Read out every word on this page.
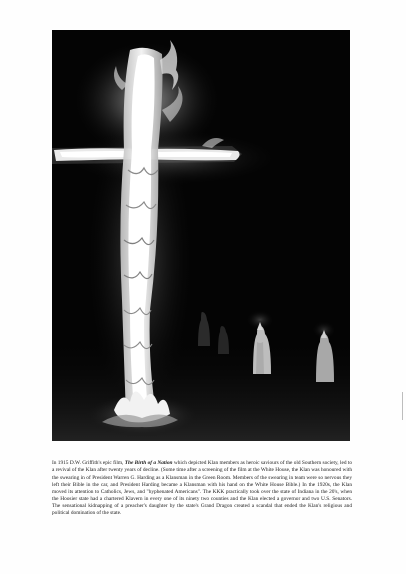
In 1915 D.W. Griffith's epic film, The Birth of a Nation which depicted Klan members as heroic saviours of the old Southern society, led to a revival of the Klan after twenty years of decline. (Some time after a screening of the film at the White House, the Klan was honoured with the swearing in of President Warren G. Harding as a Klansman in the Green Room. Members of the swearing in team were so nervous they left their Bible in the car, and President Harding became a Klansman with his hand on the White House Bible.) In the 1920s, the Klan moved its attention to Catholics, Jews, and "hyphenated Americans". The KKK practically took over the state of Indiana in the 20's, when the Hoosier state had a chartered Klavern in every one of its ninety two counties and the Klan elected a governor and two U.S. Senators. The sensational kidnapping of a preacher's daughter by the state's Grand Dragon created a scandal that ended the Klan's religious and political domination of the state.
